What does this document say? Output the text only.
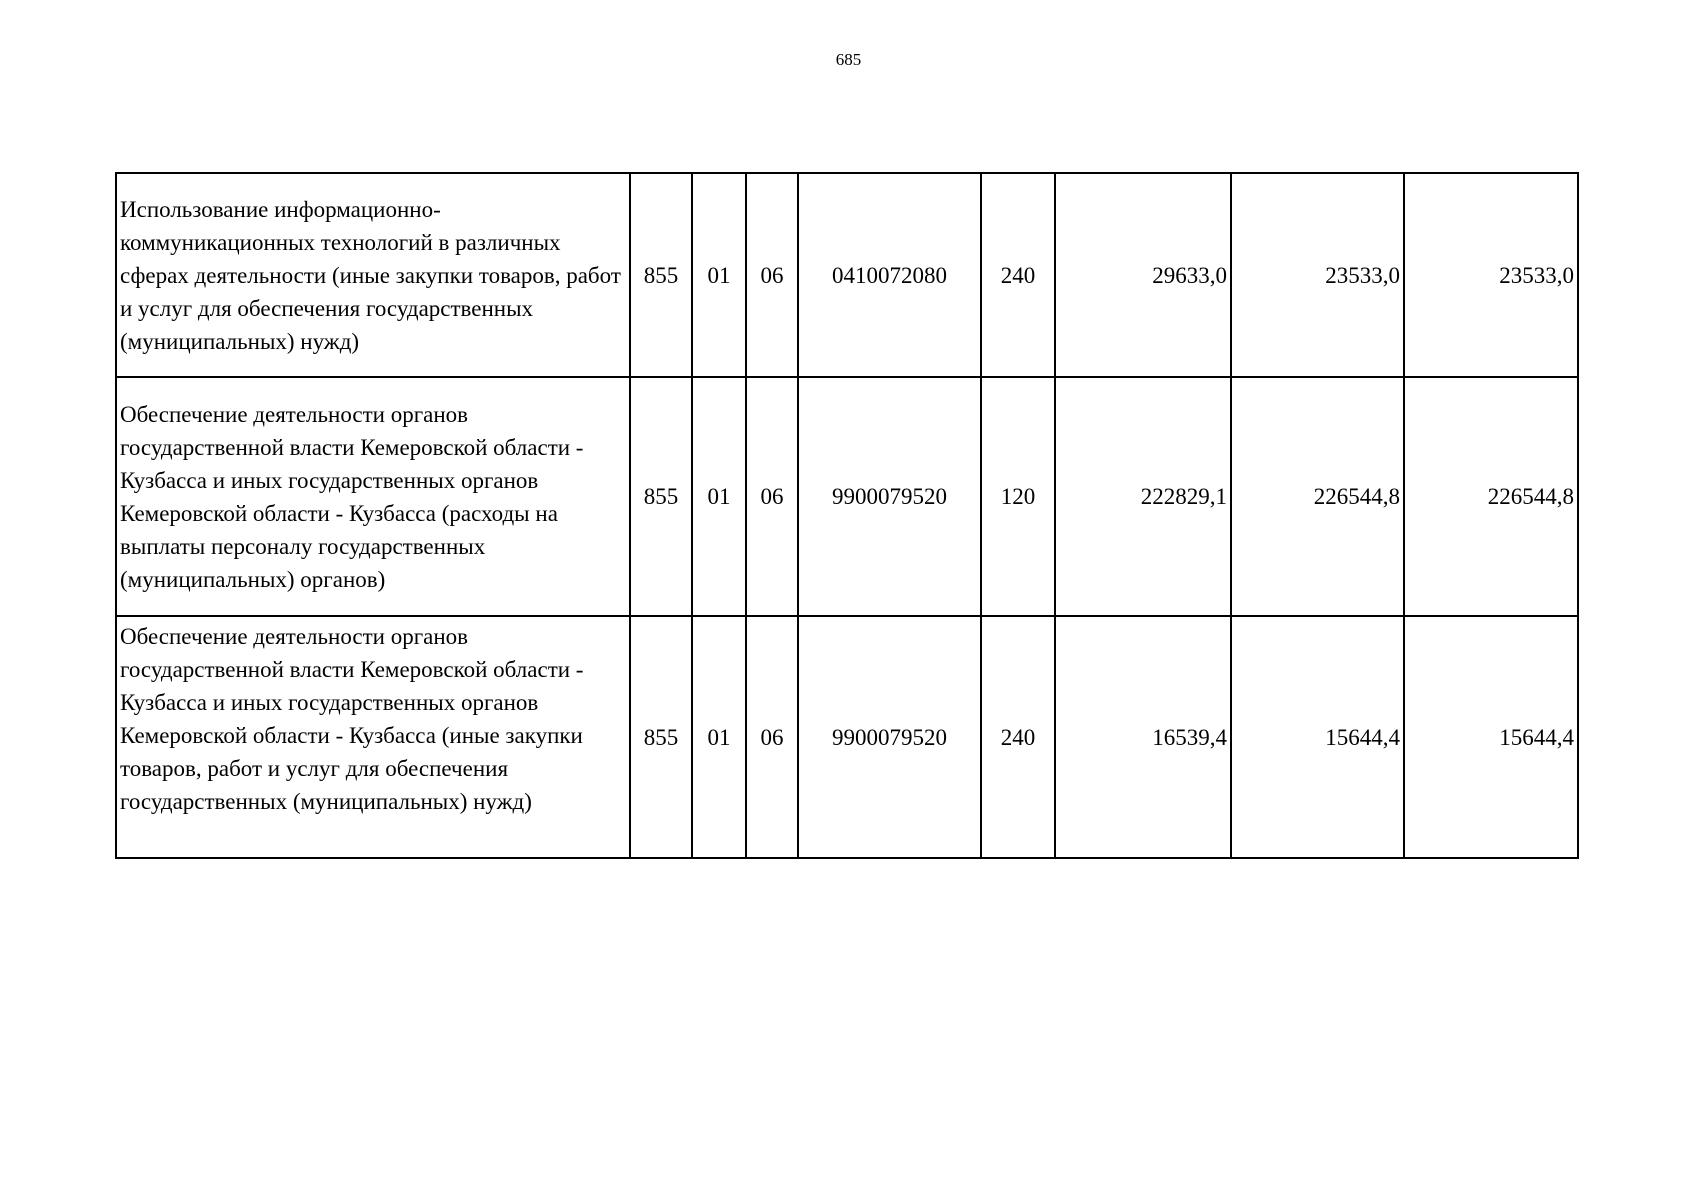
685
Использование информационно-коммуникационных технологий в различных сферах деятельности (иные закупки товаров, работ и услуг для обеспечения государственных (муниципальных) нужд)	855	01	06	0410072080	240	29633,0	23533,0	23533,0
Обеспечение деятельности органов государственной власти Кемеровской области - Кузбасса и иных государственных органов Кемеровской области - Кузбасса (расходы на выплаты персоналу государственных (муниципальных) органов)	855	01	06	9900079520	120	222829,1	226544,8	226544,8
Обеспечение деятельности органов государственной власти Кемеровской области - Кузбасса и иных государственных органов Кемеровской области - Кузбасса (иные закупки товаров, работ и услуг для обеспечения государственных (муниципальных) нужд)	855	01	06	9900079520	240	16539,4	15644,4	15644,4
